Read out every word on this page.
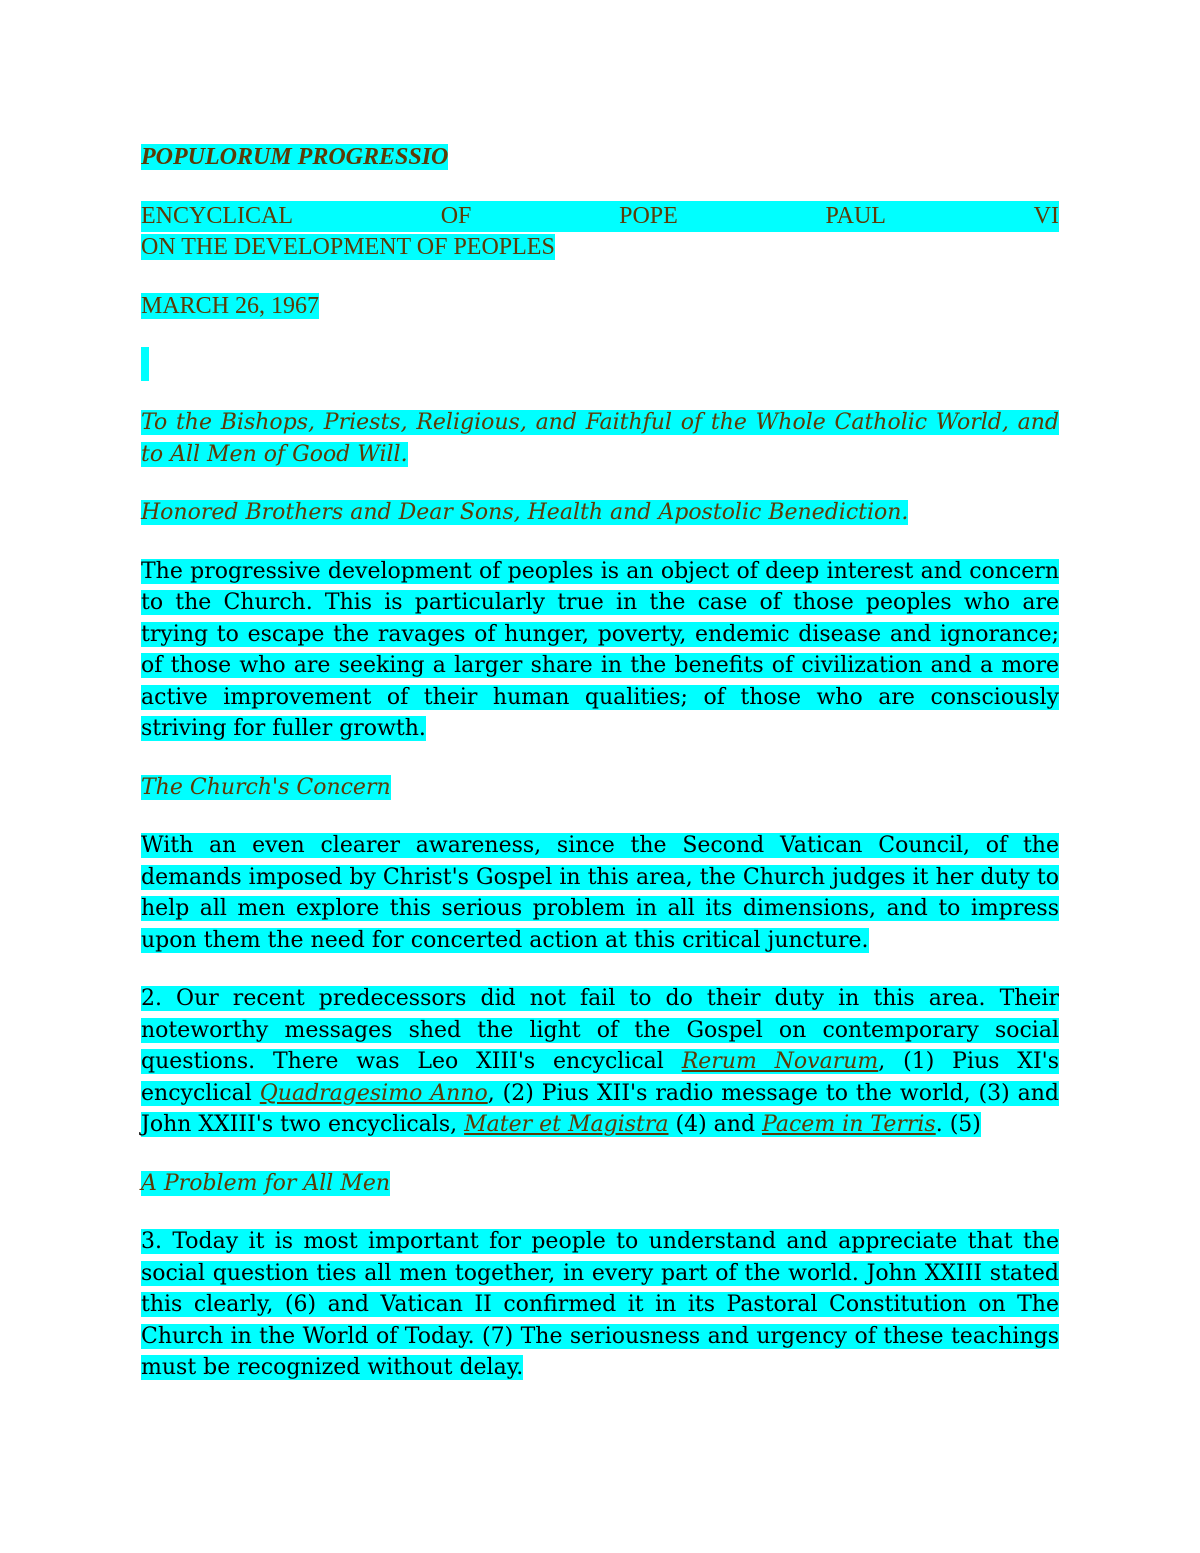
POPULORUM PROGRESSIO

ENCYCLICAL	OF	POPE	PAUL	VI
ON THE DEVELOPMENT OF PEOPLES

MARCH 26, 1967

To the Bishops, Priests, Religious, and Faithful of the Whole Catholic World, and to All Men of Good Will.

Honored Brothers and Dear Sons, Health and Apostolic Benediction.

The progressive development of peoples is an object of deep interest and concern to the Church. This is particularly true in the case of those peoples who are trying to escape the ravages of hunger, poverty, endemic disease and ignorance; of those who are seeking a larger share in the benefits of civilization and a more active improvement of their human qualities; of those who are consciously striving for fuller growth.

The Church's Concern

With an even clearer awareness, since the Second Vatican Council, of the demands imposed by Christ's Gospel in this area, the Church judges it her duty to help all men explore this serious problem in all its dimensions, and to impress upon them the need for concerted action at this critical juncture.

2. Our recent predecessors did not fail to do their duty in this area. Their noteworthy messages shed the light of the Gospel on contemporary social questions. There was Leo XIII's encyclical Rerum Novarum, (1) Pius XI's encyclical Quadragesimo Anno, (2) Pius XII's radio message to the world, (3) and John XXIII's two encyclicals, Mater et Magistra (4) and Pacem in Terris. (5)

A Problem for All Men

3. Today it is most important for people to understand and appreciate that the social question ties all men together, in every part of the world. John XXIII stated this clearly, (6) and Vatican II confirmed it in its Pastoral Constitution on The Church in the World of Today. (7) The seriousness and urgency of these teachings must be recognized without delay.
